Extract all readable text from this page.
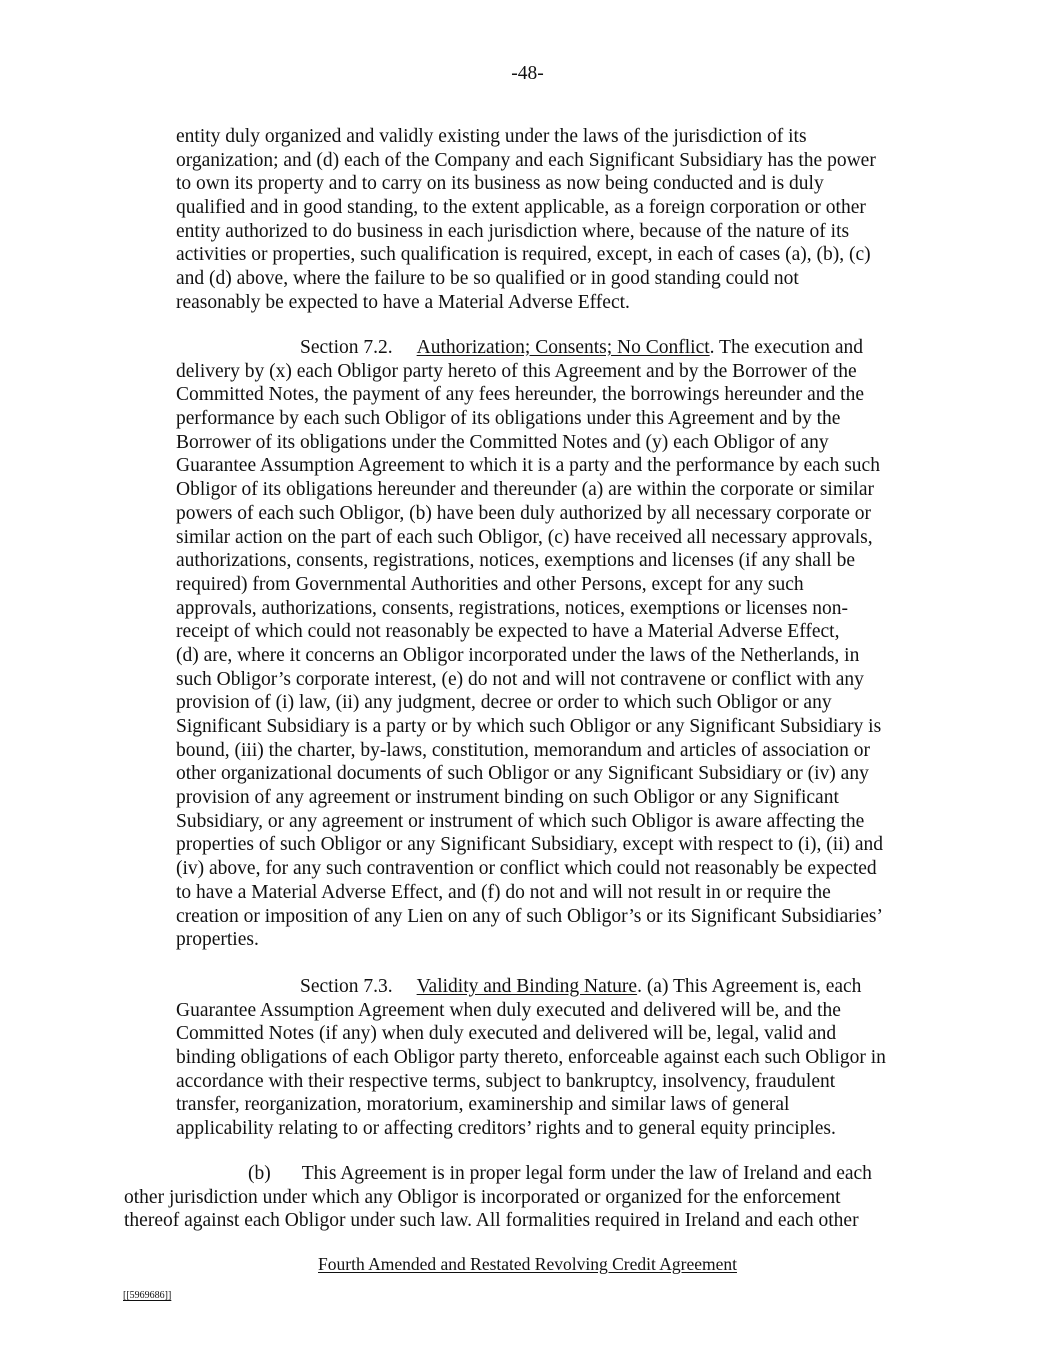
-48-
entity duly organized and validly existing under the laws of the jurisdiction of its
organization; and (d) each of the Company and each Significant Subsidiary has the power
to own its property and to carry on its business as now being conducted and is duly
qualified and in good standing, to the extent applicable, as a foreign corporation or other
entity authorized to do business in each jurisdiction where, because of the nature of its
activities or properties, such qualification is required, except, in each of cases (a), (b), (c)
and (d) above, where the failure to be so qualified or in good standing could not
reasonably be expected to have a Material Adverse Effect.
Section 7.2. Authorization; Consents; No Conflict. The execution and
delivery by (x) each Obligor party hereto of this Agreement and by the Borrower of the
Committed Notes, the payment of any fees hereunder, the borrowings hereunder and the
performance by each such Obligor of its obligations under this Agreement and by the
Borrower of its obligations under the Committed Notes and (y) each Obligor of any
Guarantee Assumption Agreement to which it is a party and the performance by each such
Obligor of its obligations hereunder and thereunder (a) are within the corporate or similar
powers of each such Obligor, (b) have been duly authorized by all necessary corporate or
similar action on the part of each such Obligor, (c) have received all necessary approvals,
authorizations, consents, registrations, notices, exemptions and licenses (if any shall be
required) from Governmental Authorities and other Persons, except for any such
approvals, authorizations, consents, registrations, notices, exemptions or licenses non-
receipt of which could not reasonably be expected to have a Material Adverse Effect,
(d) are, where it concerns an Obligor incorporated under the laws of the Netherlands, in
such Obligor’s corporate interest, (e) do not and will not contravene or conflict with any
provision of (i) law, (ii) any judgment, decree or order to which such Obligor or any
Significant Subsidiary is a party or by which such Obligor or any Significant Subsidiary is
bound, (iii) the charter, by-laws, constitution, memorandum and articles of association or
other organizational documents of such Obligor or any Significant Subsidiary or (iv) any
provision of any agreement or instrument binding on such Obligor or any Significant
Subsidiary, or any agreement or instrument of which such Obligor is aware affecting the
properties of such Obligor or any Significant Subsidiary, except with respect to (i), (ii) and
(iv) above, for any such contravention or conflict which could not reasonably be expected
to have a Material Adverse Effect, and (f) do not and will not result in or require the
creation or imposition of any Lien on any of such Obligor’s or its Significant Subsidiaries’
properties.
Section 7.3. Validity and Binding Nature. (a) This Agreement is, each
Guarantee Assumption Agreement when duly executed and delivered will be, and the
Committed Notes (if any) when duly executed and delivered will be, legal, valid and
binding obligations of each Obligor party thereto, enforceable against each such Obligor in
accordance with their respective terms, subject to bankruptcy, insolvency, fraudulent
transfer, reorganization, moratorium, examinership and similar laws of general
applicability relating to or affecting creditors’ rights and to general equity principles.
(b) This Agreement is in proper legal form under the law of Ireland and each
other jurisdiction under which any Obligor is incorporated or organized for the enforcement
thereof against each Obligor under such law. All formalities required in Ireland and each other
Fourth Amended and Restated Revolving Credit Agreement
[[5969686]]
